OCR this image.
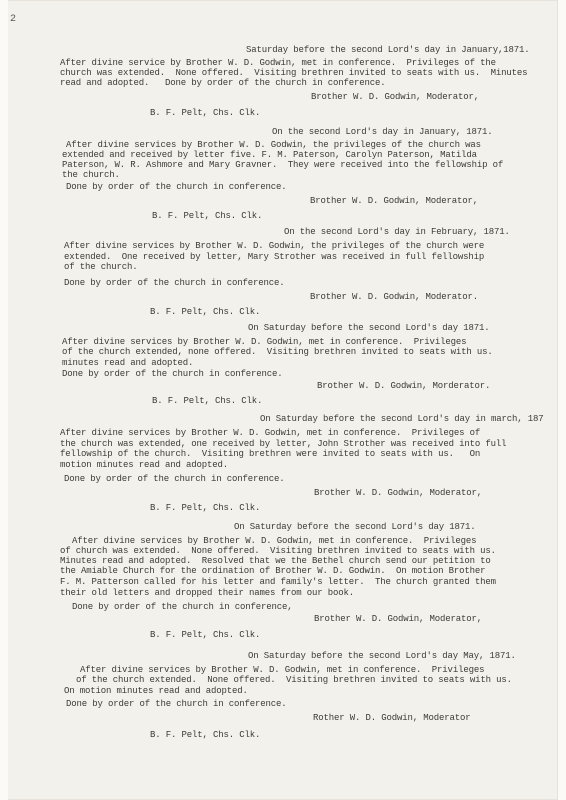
2
Saturday before the second Lord's day in January,1871.
After divine service by Brother W. D. Godwin, met in conference.  Privileges of the
church was extended.  None offered.  Visiting brethren invited to seats with us.  Minutes
read and adopted.   Done by order of the church in conference.
Brother W. D. Godwin, Moderator,
B. F. Pelt, Chs. Clk.
On the second Lord's day in January, 1871.
After divine services by Brother W. D. Godwin, the privileges of the church was
extended and received by letter five. F. M. Paterson, Carolyn Paterson, Matilda
Paterson, W. R. Ashmore and Mary Gravner.  They were received into the fellowship of
the church.
Done by order of the church in conference.
Brother W. D. Godwin, Moderator,
B. F. Pelt, Chs. Clk.
On the second Lord's day in February, 1871.
After divine services by Brother W. D. Godwin, the privileges of the church were
extended.  One received by letter, Mary Strother was received in full fellowship
of the church.
Done by order of the church in conference.
Brother W. D. Godwin, Moderator.
B. F. Pelt, Chs. Clk.
On Saturday before the second Lord's day 1871.
After divine services by Brother W. D. Godwin, met in conference.  Privileges
of the church extended, none offered.  Visiting brethren invited to seats with us.
minutes read and adopted.
Done by order of the church in conference.
Brother W. D. Godwin, Morderator.
B. F. Pelt, Chs. Clk.
On Saturday before the second Lord's day in march, 187
After divine services by Brother W. D. Godwin, met in conference.  Privileges of
the church was extended, one received by letter, John Strother was received into full
fellowship of the church.  Visiting brethren were invited to seats with us.   On
motion minutes read and adopted.
Done by order of the church in conference.
Brother W. D. Godwin, Moderator,
B. F. Pelt, Chs. Clk.
On Saturday before the second Lord's day 1871.
After divine services by Brother W. D. Godwin, met in conference.  Privileges
of church was extended.  None offered.  Visiting brethren invited to seats with us.
Minutes read and adopted.  Resolved that we the Bethel church send our petition to
the Amiable Church for the ordination of Brother W. D. Godwin.  On motion Brother
F. M. Patterson called for his letter and family's letter.  The church granted them
their old letters and dropped their names from our book.
Done by order of the church in conference,
Brother W. D. Godwin, Moderator,
B. F. Pelt, Chs. Clk.
On Saturday before the second Lord's day May, 1871.
After divine services by Brother W. D. Godwin, met in conference.  Privileges
of the church extended.  None offered.  Visiting brethren invited to seats with us.
On motion minutes read and adopted.
Done by order of the church in conference.
Rother W. D. Godwin, Moderator
B. F. Pelt, Chs. Clk.
